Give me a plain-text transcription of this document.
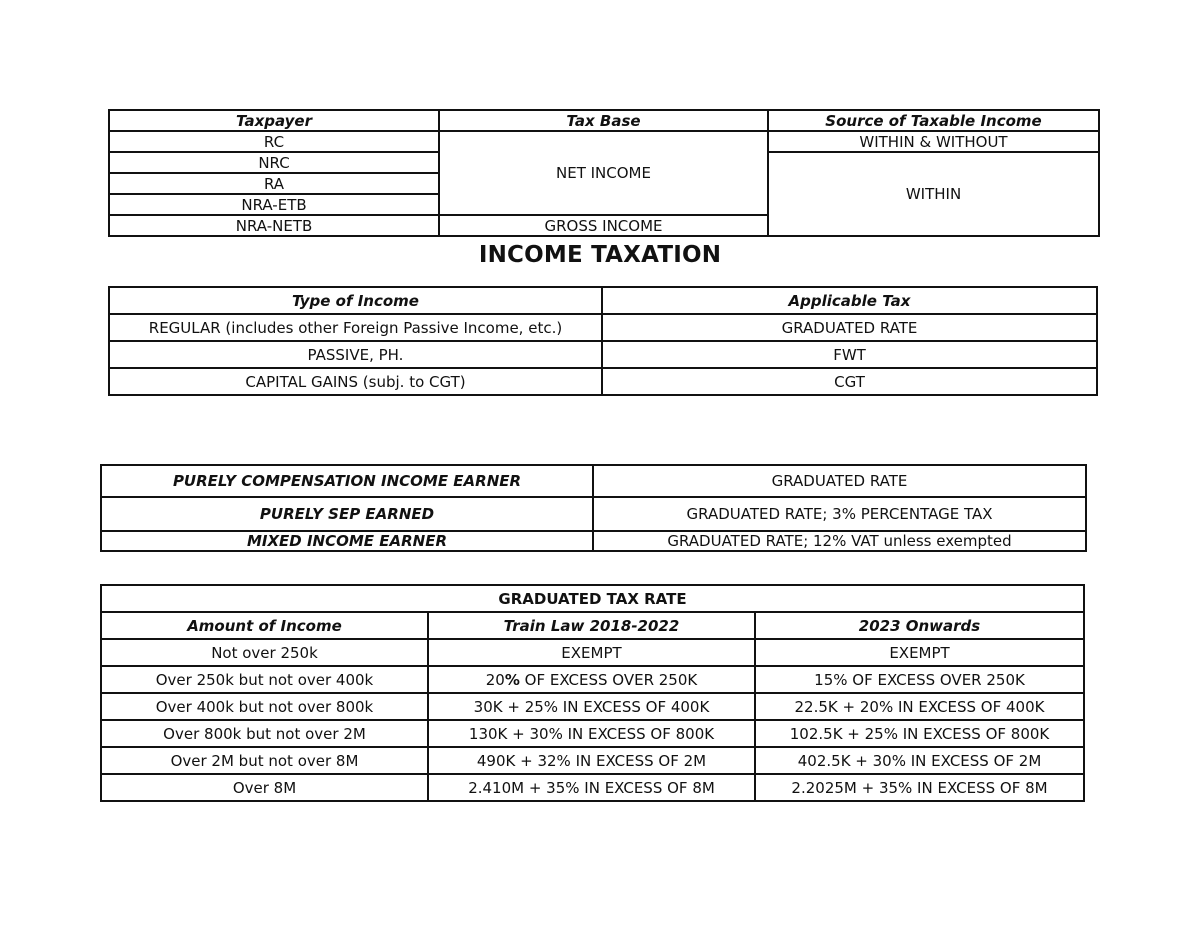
Taxpayer	Tax Base	Source of Taxable Income
RC	NET INCOME	WITHIN & WITHOUT
NRC		WITHIN
RA		
NRA-ETB		
NRA-NETB	GROSS INCOME	
INCOME TAXATION
Type of Income	Applicable Tax
REGULAR (includes other Foreign Passive Income, etc.)	GRADUATED RATE
PASSIVE, PH.	FWT
CAPITAL GAINS (subj. to CGT)	CGT
PURELY COMPENSATION INCOME EARNER	GRADUATED RATE
PURELY SEP EARNED	GRADUATED RATE; 3% PERCENTAGE TAX
MIXED INCOME EARNER	GRADUATED RATE; 12% VAT unless exempted
GRADUATED TAX RATE		
Amount of Income	Train Law 2018-2022	2023 Onwards
Not over 250k	EXEMPT	EXEMPT
Over 250k but not over 400k	20% OF EXCESS OVER 250K	15% OF EXCESS OVER 250K
Over 400k but not over 800k	30K + 25% IN EXCESS OF 400K	22.5K + 20% IN EXCESS OF 400K
Over 800k but not over 2M	130K + 30% IN EXCESS OF 800K	102.5K + 25% IN EXCESS OF 800K
Over 2M but not over 8M	490K + 32% IN EXCESS OF 2M	402.5K + 30% IN EXCESS OF 2M
Over 8M	2.410M + 35% IN EXCESS OF 8M	2.2025M + 35% IN EXCESS OF 8M
